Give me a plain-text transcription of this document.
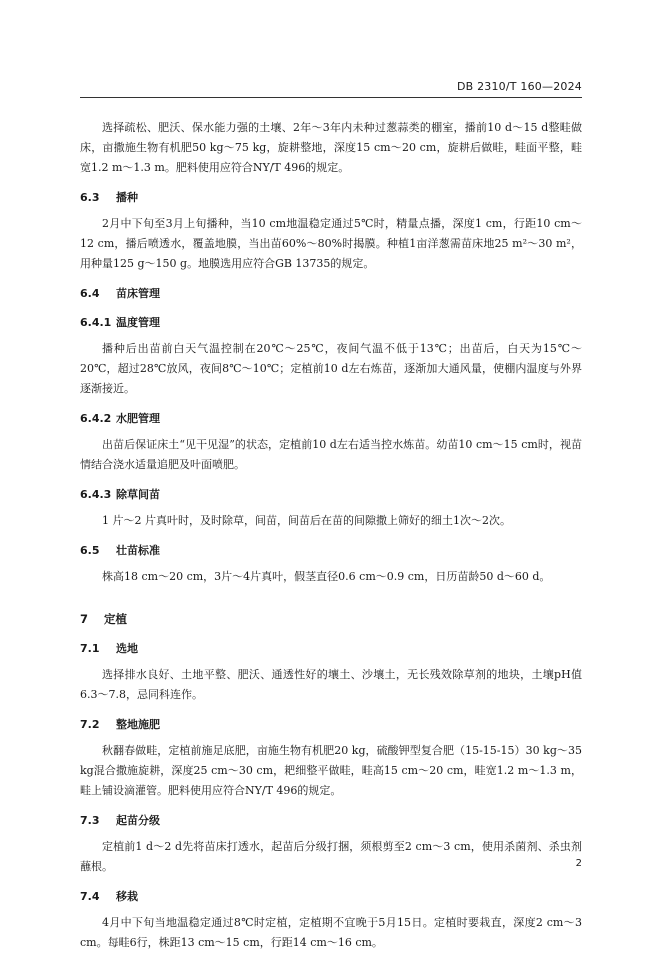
DB 2310/T 160—2024

选择疏松、肥沃、保水能力强的土壤、2年～3年内未种过葱蒜类的棚室，播前10 d～15 d整畦做床，亩撒施生物有机肥50 kg～75 kg，旋耕整地，深度15 cm～20 cm，旋耕后做畦，畦面平整，畦宽1.2 m～1.3 m。肥料使用应符合NY/T 496的规定。

6.3 播种

2月中下旬至3月上旬播种，当10 cm地温稳定通过5℃时，精量点播，深度1 cm，行距10 cm～12 cm，播后喷透水，覆盖地膜，当出苗60%～80%时揭膜。种植1亩洋葱需苗床地25 m²～30 m²，用种量125 g～150 g。地膜选用应符合GB 13735的规定。

6.4 苗床管理
6.4.1 温度管理

播种后出苗前白天气温控制在20℃～25℃，夜间气温不低于13℃；出苗后，白天为15℃～20℃，超过28℃放风，夜间8℃～10℃；定植前10 d左右炼苗，逐渐加大通风量，使棚内温度与外界逐渐接近。

6.4.2 水肥管理

出苗后保证床土“见干见湿”的状态，定植前10 d左右适当控水炼苗。幼苗10 cm～15 cm时，视苗情结合浇水适量追肥及叶面喷肥。

6.4.3 除草间苗

1 片～2 片真叶时，及时除草，间苗，间苗后在苗的间隙撒上筛好的细土1次～2次。

6.5 壮苗标准

株高18 cm～20 cm，3片～4片真叶，假茎直径0.6 cm～0.9 cm，日历苗龄50 d～60 d。

7 定植
7.1 选地

选择排水良好、土地平整、肥沃、通透性好的壤土、沙壤土，无长残效除草剂的地块，土壤pH值6.3～7.8，忌同科连作。

7.2 整地施肥

秋翻春做畦，定植前施足底肥，亩施生物有机肥20 kg，硫酸钾型复合肥（15-15-15）30 kg～35 kg混合撒施旋耕，深度25 cm～30 cm，耙细整平做畦，畦高15 cm～20 cm，畦宽1.2 m～1.3 m，畦上铺设滴灌管。肥料使用应符合NY/T 496的规定。

7.3 起苗分级

定植前1 d～2 d先将苗床打透水，起苗后分级打捆，须根剪至2 cm～3 cm，使用杀菌剂、杀虫剂蘸根。

7.4 移栽

4月中下旬当地温稳定通过8℃时定植，定植期不宜晚于5月15日。定植时要栽直，深度2 cm～3 cm。每畦6行，株距13 cm～15 cm，行距14 cm～16 cm。

2
